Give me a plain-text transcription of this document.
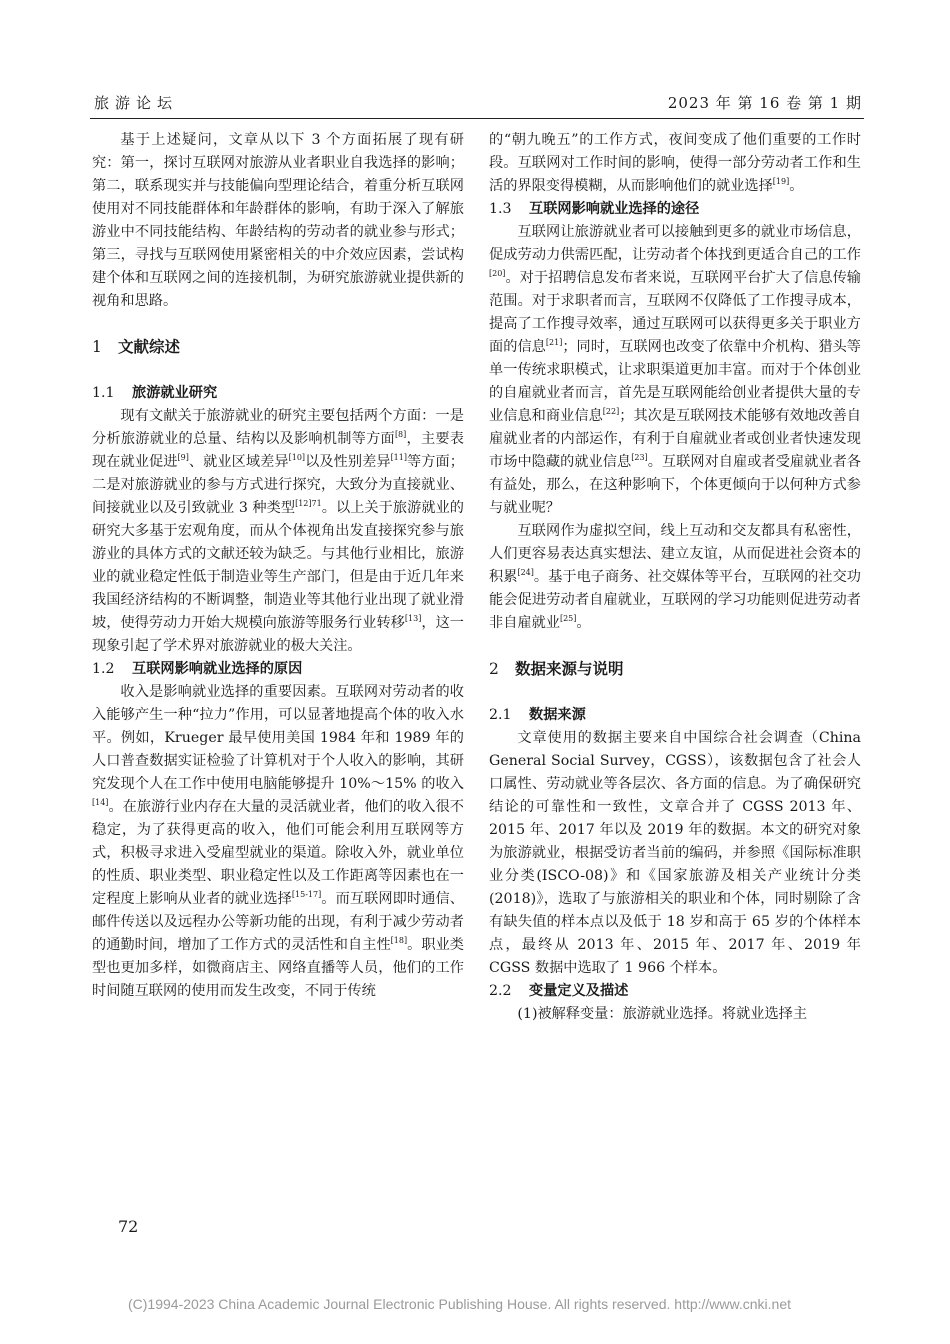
旅游论坛	2023 年 第 16 卷 第 1 期

基于上述疑问，文章从以下 3 个方面拓展了现有研究：第一，探讨互联网对旅游从业者职业自我选择的影响；第二，联系现实并与技能偏向型理论结合，着重分析互联网使用对不同技能群体和年龄群体的影响，有助于深入了解旅游业中不同技能结构、年龄结构的劳动者的就业参与形式；第三，寻找与互联网使用紧密相关的中介效应因素，尝试构建个体和互联网之间的连接机制，为研究旅游就业提供新的视角和思路。

1 文献综述

1.1 旅游就业研究

现有文献关于旅游就业的研究主要包括两个方面：一是分析旅游就业的总量、结构以及影响机制等方面[8]，主要表现在就业促进[9]、就业区域差异[10]以及性别差异[11]等方面；二是对旅游就业的参与方式进行探究，大致分为直接就业、间接就业以及引致就业 3 种类型$^{[12]71}$。以上关于旅游就业的研究大多基于宏观角度，而从个体视角出发直接探究参与旅游业的具体方式的文献还较为缺乏。与其他行业相比，旅游业的就业稳定性低于制造业等生产部门，但是由于近几年来我国经济结构的不断调整，制造业等其他行业出现了就业滑坡，使得劳动力开始大规模向旅游等服务行业转移[13]，这一现象引起了学术界对旅游就业的极大关注。

1.2 互联网影响就业选择的原因

收入是影响就业选择的重要因素。互联网对劳动者的收入能够产生一种“拉力”作用，可以显著地提高个体的收入水平。例如，Krueger 最早使用美国 1984 年和 1989 年的人口普查数据实证检验了计算机对于个人收入的影响，其研究发现个人在工作中使用电脑能够提升 10%～15% 的收入[14]。在旅游行业内存在大量的灵活就业者，他们的收入很不稳定，为了获得更高的收入，他们可能会利用互联网等方式，积极寻求进入受雇型就业的渠道。除收入外，就业单位的性质、职业类型、职业稳定性以及工作距离等因素也在一定程度上影响从业者的就业选择[15-17]。而互联网即时通信、邮件传送以及远程办公等新功能的出现，有利于减少劳动者的通勤时间，增加了工作方式的灵活性和自主性[18]。职业类型也更加多样，如微商店主、网络直播等人员，他们的工作时间随互联网的使用而发生改变，不同于传统

的“朝九晚五”的工作方式，夜间变成了他们重要的工作时段。互联网对工作时间的影响，使得一部分劳动者工作和生活的界限变得模糊，从而影响他们的就业选择[19]。

1.3 互联网影响就业选择的途径

互联网让旅游就业者可以接触到更多的就业市场信息，促成劳动力供需匹配，让劳动者个体找到更适合自己的工作[20]。对于招聘信息发布者来说，互联网平台扩大了信息传输范围。对于求职者而言，互联网不仅降低了工作搜寻成本，提高了工作搜寻效率，通过互联网可以获得更多关于职业方面的信息[21]；同时，互联网也改变了依靠中介机构、猎头等单一传统求职模式，让求职渠道更加丰富。而对于个体创业的自雇就业者而言，首先是互联网能给创业者提供大量的专业信息和商业信息[22]；其次是互联网技术能够有效地改善自雇就业者的内部运作，有利于自雇就业者或创业者快速发现市场中隐藏的就业信息[23]。互联网对自雇或者受雇就业者各有益处，那么，在这种影响下，个体更倾向于以何种方式参与就业呢？

互联网作为虚拟空间，线上互动和交友都具有私密性，人们更容易表达真实想法、建立友谊，从而促进社会资本的积累[24]。基于电子商务、社交媒体等平台，互联网的社交功能会促进劳动者自雇就业，互联网的学习功能则促进劳动者非自雇就业[25]。

2 数据来源与说明

2.1 数据来源

文章使用的数据主要来自中国综合社会调查（China General Social Survey，CGSS），该数据包含了社会人口属性、劳动就业等各层次、各方面的信息。为了确保研究结论的可靠性和一致性，文章合并了 CGSS 2013 年、2015 年、2017 年以及 2019 年的数据。本文的研究对象为旅游就业，根据受访者当前的编码，并参照《国际标准职业分类(ISCO-08)》和《国家旅游及相关产业统计分类(2018)》，选取了与旅游相关的职业和个体，同时剔除了含有缺失值的样本点以及低于 18 岁和高于 65 岁的个体样本点，最终从 2013 年、2015 年、2017 年、2019 年 CGSS 数据中选取了 1 966 个样本。

2.2 变量定义及描述

(1)被解释变量：旅游就业选择。将就业选择主

72
(C)1994-2023 China Academic Journal Electronic Publishing House. All rights reserved. http://www.cnki.net
